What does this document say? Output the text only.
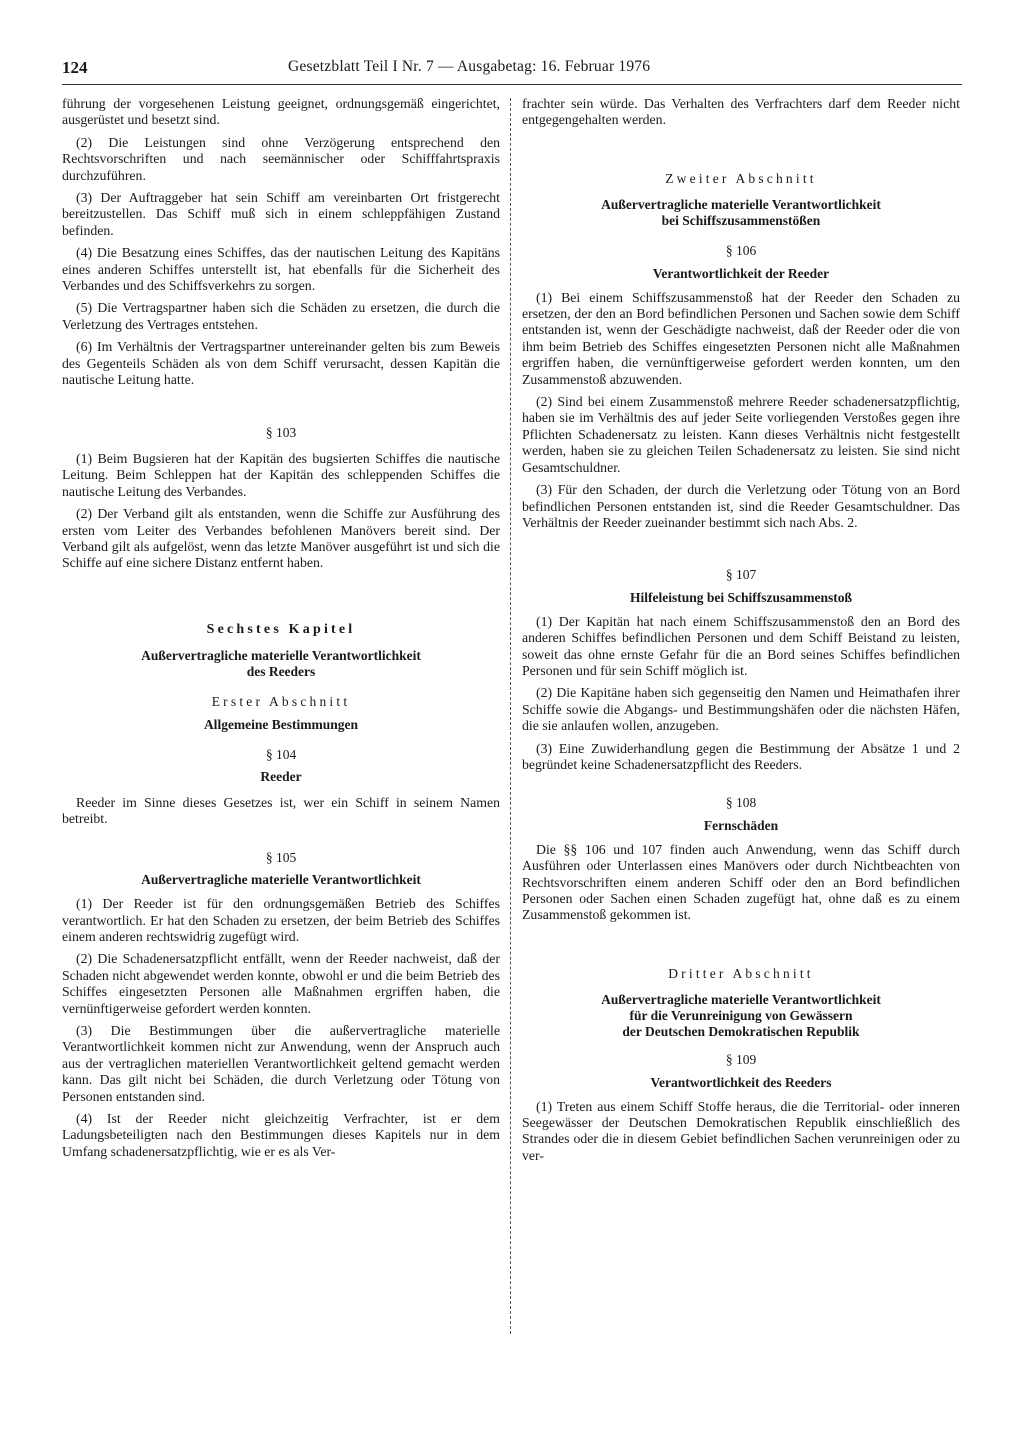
124	Gesetzblatt Teil I Nr. 7 — Ausgabetag: 16. Februar 1976

führung der vorgesehenen Leistung geeignet, ordnungsgemäß eingerichtet, ausgerüstet und besetzt sind.

(2) Die Leistungen sind ohne Verzögerung entsprechend den Rechtsvorschriften und nach seemännischer oder Schifffahrtspraxis durchzuführen.

(3) Der Auftraggeber hat sein Schiff am vereinbarten Ort fristgerecht bereitzustellen. Das Schiff muß sich in einem schleppfähigen Zustand befinden.

(4) Die Besatzung eines Schiffes, das der nautischen Leitung des Kapitäns eines anderen Schiffes unterstellt ist, hat ebenfalls für die Sicherheit des Verbandes und des Schiffsverkehrs zu sorgen.

(5) Die Vertragspartner haben sich die Schäden zu ersetzen, die durch die Verletzung des Vertrages entstehen.

(6) Im Verhältnis der Vertragspartner untereinander gelten bis zum Beweis des Gegenteils Schäden als von dem Schiff verursacht, dessen Kapitän die nautische Leitung hatte.

§ 103

(1) Beim Bugsieren hat der Kapitän des bugsierten Schiffes die nautische Leitung. Beim Schleppen hat der Kapitän des schleppenden Schiffes die nautische Leitung des Verbandes.

(2) Der Verband gilt als entstanden, wenn die Schiffe zur Ausführung des ersten vom Leiter des Verbandes befohlenen Manövers bereit sind. Der Verband gilt als aufgelöst, wenn das letzte Manöver ausgeführt ist und sich die Schiffe auf eine sichere Distanz entfernt haben.

Sechstes Kapitel
Außervertragliche materielle Verantwortlichkeit
des Reeders
Erster Abschnitt
Allgemeine Bestimmungen
§ 104
Reeder

Reeder im Sinne dieses Gesetzes ist, wer ein Schiff in seinem Namen betreibt.

§ 105
Außervertragliche materielle Verantwortlichkeit

(1) Der Reeder ist für den ordnungsgemäßen Betrieb des Schiffes verantwortlich. Er hat den Schaden zu ersetzen, der beim Betrieb des Schiffes einem anderen rechtswidrig zugefügt wird.

(2) Die Schadenersatzpflicht entfällt, wenn der Reeder nachweist, daß der Schaden nicht abgewendet werden konnte, obwohl er und die beim Betrieb des Schiffes eingesetzten Personen alle Maßnahmen ergriffen haben, die vernünftigerweise gefordert werden konnten.

(3) Die Bestimmungen über die außervertragliche materielle Verantwortlichkeit kommen nicht zur Anwendung, wenn der Anspruch auch aus der vertraglichen materiellen Verantwortlichkeit geltend gemacht werden kann. Das gilt nicht bei Schäden, die durch Verletzung oder Tötung von Personen entstanden sind.

(4) Ist der Reeder nicht gleichzeitig Verfrachter, ist er dem Ladungsbeteiligten nach den Bestimmungen dieses Kapitels nur in dem Umfang schadenersatzpflichtig, wie er es als Ver-

frachter sein würde. Das Verhalten des Verfrachters darf dem Reeder nicht entgegengehalten werden.

Zweiter Abschnitt
Außervertragliche materielle Verantwortlichkeit
bei Schiffszusammenstößen
§ 106
Verantwortlichkeit der Reeder

(1) Bei einem Schiffszusammenstoß hat der Reeder den Schaden zu ersetzen, der den an Bord befindlichen Personen und Sachen sowie dem Schiff entstanden ist, wenn der Geschädigte nachweist, daß der Reeder oder die von ihm beim Betrieb des Schiffes eingesetzten Personen nicht alle Maßnahmen ergriffen haben, die vernünftigerweise gefordert werden konnten, um den Zusammenstoß abzuwenden.

(2) Sind bei einem Zusammenstoß mehrere Reeder schadenersatzpflichtig, haben sie im Verhältnis des auf jeder Seite vorliegenden Verstoßes gegen ihre Pflichten Schadenersatz zu leisten. Kann dieses Verhältnis nicht festgestellt werden, haben sie zu gleichen Teilen Schadenersatz zu leisten. Sie sind nicht Gesamtschuldner.

(3) Für den Schaden, der durch die Verletzung oder Tötung von an Bord befindlichen Personen entstanden ist, sind die Reeder Gesamtschuldner. Das Verhältnis der Reeder zueinander bestimmt sich nach Abs. 2.

§ 107
Hilfeleistung bei Schiffszusammenstoß

(1) Der Kapitän hat nach einem Schiffszusammenstoß den an Bord des anderen Schiffes befindlichen Personen und dem Schiff Beistand zu leisten, soweit das ohne ernste Gefahr für die an Bord seines Schiffes befindlichen Personen und für sein Schiff möglich ist.

(2) Die Kapitäne haben sich gegenseitig den Namen und Heimathafen ihrer Schiffe sowie die Abgangs- und Bestimmungshäfen oder die nächsten Häfen, die sie anlaufen wollen, anzugeben.

(3) Eine Zuwiderhandlung gegen die Bestimmung der Absätze 1 und 2 begründet keine Schadenersatzpflicht des Reeders.

§ 108
Fernschäden

Die §§ 106 und 107 finden auch Anwendung, wenn das Schiff durch Ausführen oder Unterlassen eines Manövers oder durch Nichtbeachten von Rechtsvorschriften einem anderen Schiff oder den an Bord befindlichen Personen oder Sachen einen Schaden zugefügt hat, ohne daß es zu einem Zusammenstoß gekommen ist.

Dritter Abschnitt
Außervertragliche materielle Verantwortlichkeit
für die Verunreinigung von Gewässern
der Deutschen Demokratischen Republik
§ 109
Verantwortlichkeit des Reeders

(1) Treten aus einem Schiff Stoffe heraus, die die Territorial- oder inneren Seegewässer der Deutschen Demokratischen Republik einschließlich des Strandes oder die in diesem Gebiet befindlichen Sachen verunreinigen oder zu ver-
